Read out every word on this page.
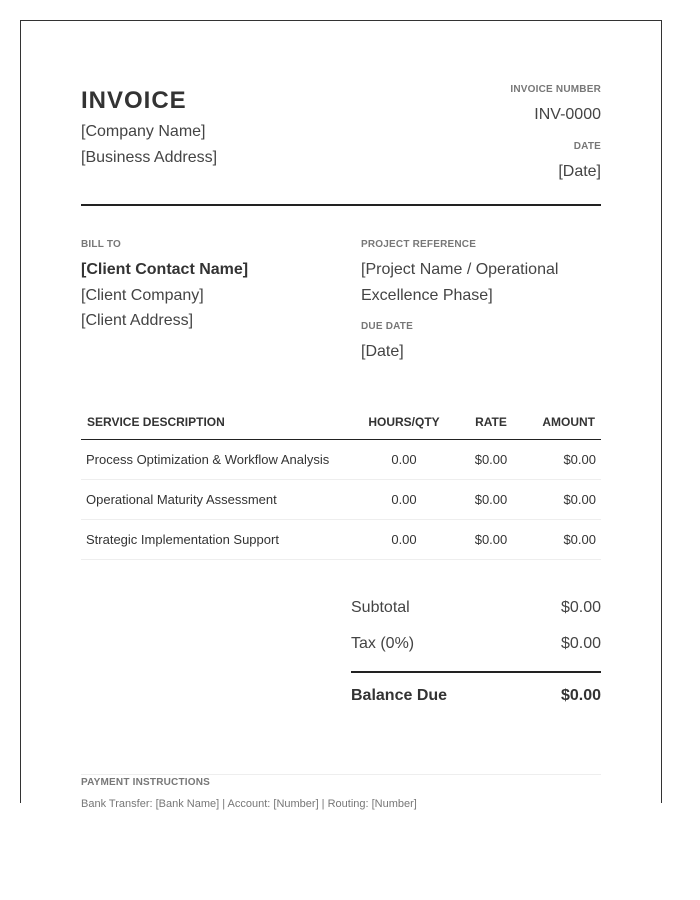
INVOICE
[Company Name]
[Business Address]
INVOICE NUMBER
INV-0000
DATE
[Date]
BILL TO
[Client Contact Name]
[Client Company]
[Client Address]
PROJECT REFERENCE
[Project Name / Operational
Excellence Phase]
DUE DATE
[Date]
SERVICE DESCRIPTION	HOURS/QTY	RATE	AMOUNT
Process Optimization & Workflow Analysis	0.00	$0.00	$0.00
Operational Maturity Assessment	0.00	$0.00	$0.00
Strategic Implementation Support	0.00	$0.00	$0.00
Subtotal	$0.00
Tax (0%)	$0.00
Balance Due	$0.00
PAYMENT INSTRUCTIONS
Bank Transfer: [Bank Name] | Account: [Number] | Routing: [Number]
